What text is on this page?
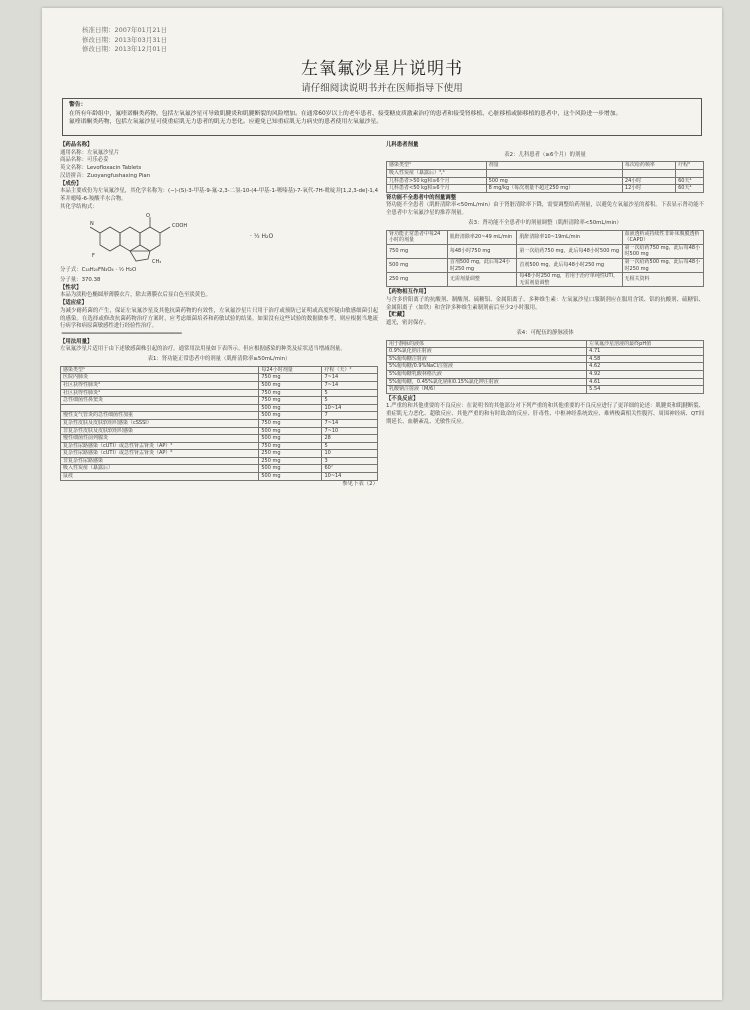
核准日期：2007年01月21日
修改日期：2013年03月31日
修改日期：2013年12月01日
左氧氟沙星片说明书
请仔细阅读说明书并在医师指导下使用
警告：
在所有年龄组中，氟喹诺酮类药物，包括左氧氟沙星可导致肌腱炎和肌腱断裂的风险增加。在通常60岁以上的老年患者、接受糖皮质激素治疗的患者和接受肾移植、心脏移植或肺移植的患者中，这个风险进一步增加。
氟喹诺酮类药物，包括左氧氟沙星可使重症肌无力患者的肌无力恶化。应避免已知重症肌无力病史的患者使用左氧氟沙星。
【药品名称】
通用名称：左氧氟沙星片
商品名称：可乐必妥
英文名称：Levofloxacin Tablets
汉语拼音：Zuoyangfushaxing Pian
【成份】
本品主要成份为左氧氟沙星，其化学名称为：(−)-(S)-3-甲基-9-氟-2,3-二氢-10-(4-甲基-1-哌嗪基)-7-氧代-7H-吡啶并[1,2,3-de]-1,4苯并噁嗪-6-羧酸半水合物。
其化学结构式：
COOH
O
N
CH₃
F
· ½ H₂O
分子式：C₁₈H₂₀FN₃O₄ · ½ H₂O
分子量：370.38
【性状】
本品为淡粉色椭圆形薄膜衣片，除去薄膜衣后显白色至淡黄色。
【适应症】
为减少耐药菌的产生，保证左氧氟沙星及其他抗菌药物的有效性，左氧氟沙星片只用于治疗或预防已证明或高度怀疑由敏感细菌引起的感染。在选择或修改抗菌药物治疗方案时，应考虑细菌培养和药敏试验的结果。如果没有这些试验的数据做参考，则应根据当地流行病学和病原菌敏感性进行经验性治疗。
━━━━━━━━━━━━━━━━━━━━━━━━━━━━━━━━━━━━━
【用法用量】
左氧氟沙星片适用于由下述敏感菌株引起的治疗。通常用法用量如下表所示。但应根据感染的种类及症状适当增减剂量。
表1：肾功能正常患者中的剂量（肌酐清除率≥50mL/min）
感染类型¹	每24小时剂量	疗程（天）²
医院内肺炎	750 mg	7~14
社区获得性肺炎³	500 mg	7~14
社区获得性肺炎⁴	750 mg	5
急性细菌性鼻窦炎	750 mg	5
	500 mg	10~14
慢性支气管炎的急性细菌性加重	500 mg	7
复杂性皮肤及皮肤软组织感染（cSSSI）	750 mg	7~14
非复杂性皮肤及皮肤软组织感染	500 mg	7~10
慢性细菌性前列腺炎	500 mg	28
复杂性尿路感染（cUTI）或急性肾盂肾炎（AP）⁵	750 mg	5
复杂性尿路感染（cUTI）或急性肾盂肾炎（AP）⁶	250 mg	10
非复杂性尿路感染	250 mg	3
吸入性炭疽（暴露后）	500 mg	60⁷
鼠疫	500 mg	10~14
参见下表（2）
儿科患者剂量
表2：儿科患者（≥6个月）的剂量
感染类型¹	剂量	每次给药频率	疗程²
吸入性炭疽（暴露后）³,⁴			
儿科患者>50 kg和≥6个月	500 mg	24小时	60天⁴
儿科患者<50 kg和≥6个月	8 mg/kg（每次剂量不超过250 mg）	12小时	60天⁴
肾功能不全患者中的剂量调整
肾功能不全患者（肌酐清除率<50mL/min）由于肾脏清除率下降，需要调整给药剂量，以避免左氧氟沙星的蓄积。下表显示肾功能不全患者中左氧氟沙星的推荐剂量。
表3：肾功能不全患者中的剂量调整（肌酐清除率<50mL/min）
肾功能正常患者中每24小时的剂量	肌酐清除率20~49 mL/min	肌酐清除率10~19mL/min	血液透析或持续性非卧床腹膜透析（CAPD）
750 mg	每48小时750 mg	第一次给药750 mg，此后每48小时500 mg	第一次给药750 mg，此后每48小时500 mg
500 mg	首剂500 mg，此后每24小时250 mg	首剂500 mg，此后每48小时250 mg	第一次给药500 mg，此后每48小时250 mg
250 mg	无需剂量调整	每48小时250 mg，若用于治疗单纯性UTI，无需剂量调整	无相关资料
【药物相互作用】
与含多价阳离子的抗酸剂、制酸剂、硫糖铝、金属阳离子、多种维生素：左氧氟沙星口服制剂应在服用含镁、铝的抗酸剂、硫糖铝、金属阳离子（如铁）和含锌多种维生素制剂前后至少2小时服用。
【贮藏】
遮光，密封保存。
表4：可配伍的静脉液体
用于静脉的液体	左氧氟沙星溶液的最终pH值
0.9%氯化钠注射液	4.71
5%葡萄糖注射液	4.58
5%葡萄糖/0.9%NaCl注射液	4.62
5%葡萄糖乳酸林格氏液	4.92
5%葡萄糖，0.45%氯化钠和0.15%氯化钾注射液	4.61
乳酸钠注射液（M/6）	5.54
【不良反应】
1.严重的和其他重要的不良反应：在说明书的其他部分对下列严重的和其他重要的不良反应进行了更详细的论述：肌腱炎和肌腱断裂、重症肌无力恶化、超敏反应、其他严重的和有时致命的反应、肝毒性、中枢神经系统效应、难辨梭菌相关性腹泻、周围神经病、QT间期延长、血糖紊乱、光敏性反应。
